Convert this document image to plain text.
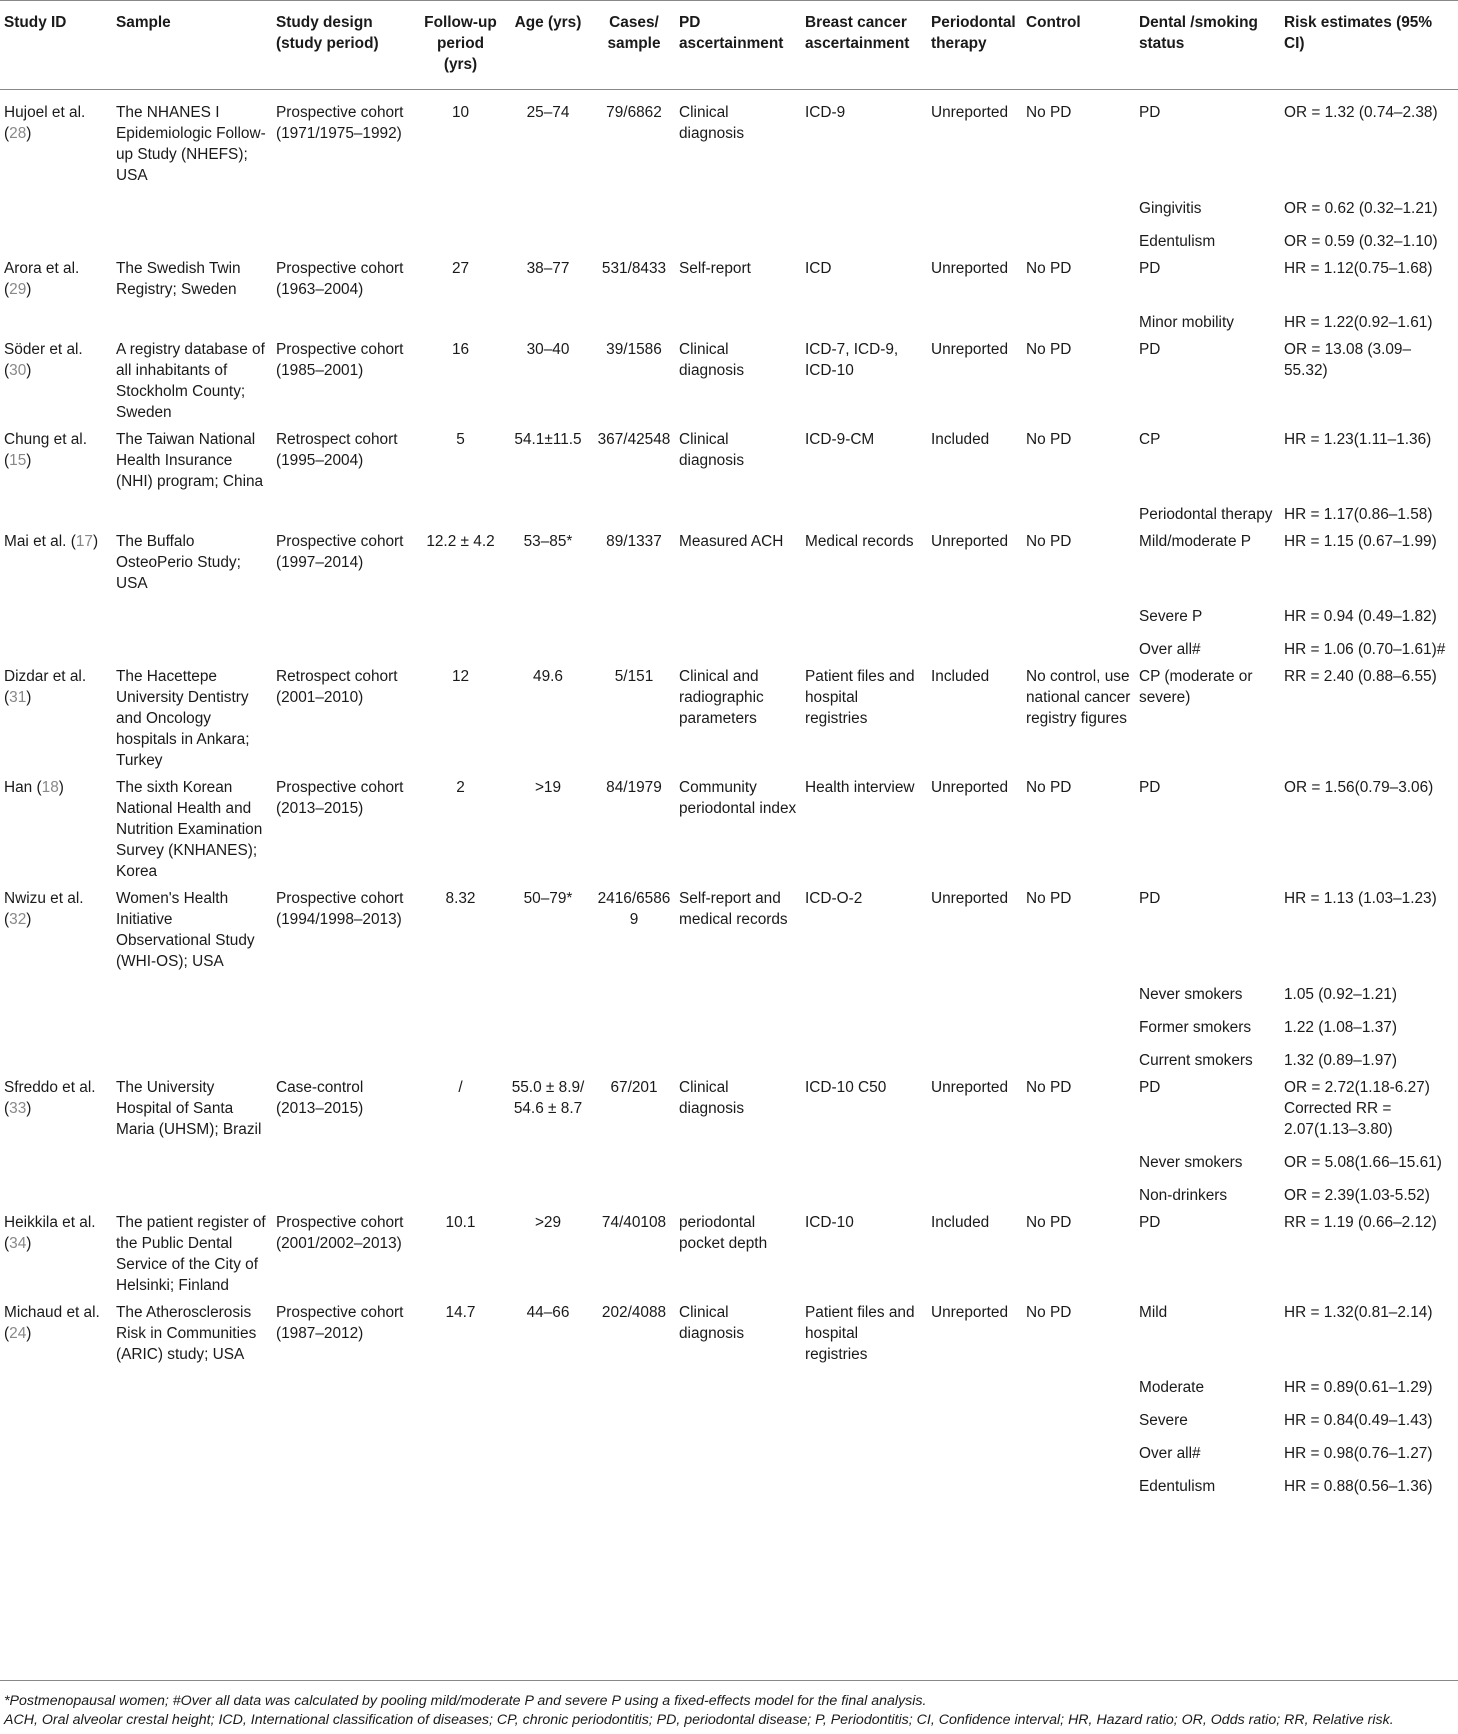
Study ID	Sample	Study design (study period)	Follow-up period (yrs)	Age (yrs)	Cases/ sample	PD ascertainment	Breast cancer ascertainment	Periodontal therapy	Control	Dental /smoking status	Risk estimates (95% CI)
Hujoel et al. (28)	The NHANES I Epidemiologic Follow-up Study (NHEFS); USA	Prospective cohort (1971/1975–1992)	10	25–74	79/6862	Clinical diagnosis	ICD-9	Unreported	No PD	PD	OR = 1.32 (0.74–2.38)
										Gingivitis	OR = 0.62 (0.32–1.21)
										Edentulism	OR = 0.59 (0.32–1.10)
Arora et al. (29)	The Swedish Twin Registry; Sweden	Prospective cohort (1963–2004)	27	38–77	531/8433	Self-report	ICD	Unreported	No PD	PD	HR = 1.12(0.75–1.68)
										Minor mobility	HR = 1.22(0.92–1.61)
Söder et al. (30)	A registry database of all inhabitants of Stockholm County; Sweden	Prospective cohort (1985–2001)	16	30–40	39/1586	Clinical diagnosis	ICD-7, ICD-9, ICD-10	Unreported	No PD	PD	OR = 13.08 (3.09–55.32)
Chung et al. (15)	The Taiwan National Health Insurance (NHI) program; China	Retrospect cohort (1995–2004)	5	54.1±11.5	367/42548	Clinical diagnosis	ICD-9-CM	Included	No PD	CP	HR = 1.23(1.11–1.36)
										Periodontal therapy	HR = 1.17(0.86–1.58)
Mai et al. (17)	The Buffalo OsteoPerio Study; USA	Prospective cohort (1997–2014)	12.2 ± 4.2	53–85*	89/1337	Measured ACH	Medical records	Unreported	No PD	Mild/moderate P	HR = 1.15 (0.67–1.99)
										Severe P	HR = 0.94 (0.49–1.82)
										Over all#	HR = 1.06 (0.70–1.61)#
Dizdar et al. (31)	The Hacettepe University Dentistry and Oncology hospitals in Ankara; Turkey	Retrospect cohort (2001–2010)	12	49.6	5/151	Clinical and radiographic parameters	Patient files and hospital registries	Included	No control, use national cancer registry figures	CP (moderate or severe)	RR = 2.40 (0.88–6.55)
Han (18)	The sixth Korean National Health and Nutrition Examination Survey (KNHANES); Korea	Prospective cohort (2013–2015)	2	>19	84/1979	Community periodontal index	Health interview	Unreported	No PD	PD	OR = 1.56(0.79–3.06)
Nwizu et al. (32)	Women's Health Initiative Observational Study (WHI-OS); USA	Prospective cohort (1994/1998–2013)	8.32	50–79*	2416/65869	Self-report and medical records	ICD-O-2	Unreported	No PD	PD	HR = 1.13 (1.03–1.23)
										Never smokers	1.05 (0.92–1.21)
										Former smokers	1.22 (1.08–1.37)
										Current smokers	1.32 (0.89–1.97)
Sfreddo et al. (33)	The University Hospital of Santa Maria (UHSM); Brazil	Case-control (2013–2015)	/	55.0 ± 8.9/ 54.6 ± 8.7	67/201	Clinical diagnosis	ICD-10 C50	Unreported	No PD	PD	OR = 2.72(1.18-6.27) Corrected RR = 2.07(1.13–3.80)
										Never smokers	OR = 5.08(1.66–15.61)
										Non-drinkers	OR = 2.39(1.03-5.52)
Heikkila et al. (34)	The patient register of the Public Dental Service of the City of Helsinki; Finland	Prospective cohort (2001/2002–2013)	10.1	>29	74/40108	periodontal pocket depth	ICD-10	Included	No PD	PD	RR = 1.19 (0.66–2.12)
Michaud et al. (24)	The Atherosclerosis Risk in Communities (ARIC) study; USA	Prospective cohort (1987–2012)	14.7	44–66	202/4088	Clinical diagnosis	Patient files and hospital registries	Unreported	No PD	Mild	HR = 1.32(0.81–2.14)
										Moderate	HR = 0.89(0.61–1.29)
										Severe	HR = 0.84(0.49–1.43)
										Over all#	HR = 0.98(0.76–1.27)
										Edentulism	HR = 0.88(0.56–1.36)
*Postmenopausal women; #Over all data was calculated by pooling mild/moderate P and severe P using a fixed-effects model for the final analysis.
ACH, Oral alveolar crestal height; ICD, International classification of diseases; CP, chronic periodontitis; PD, periodontal disease; P, Periodontitis; CI, Confidence interval; HR, Hazard ratio; OR, Odds ratio; RR, Relative risk.
